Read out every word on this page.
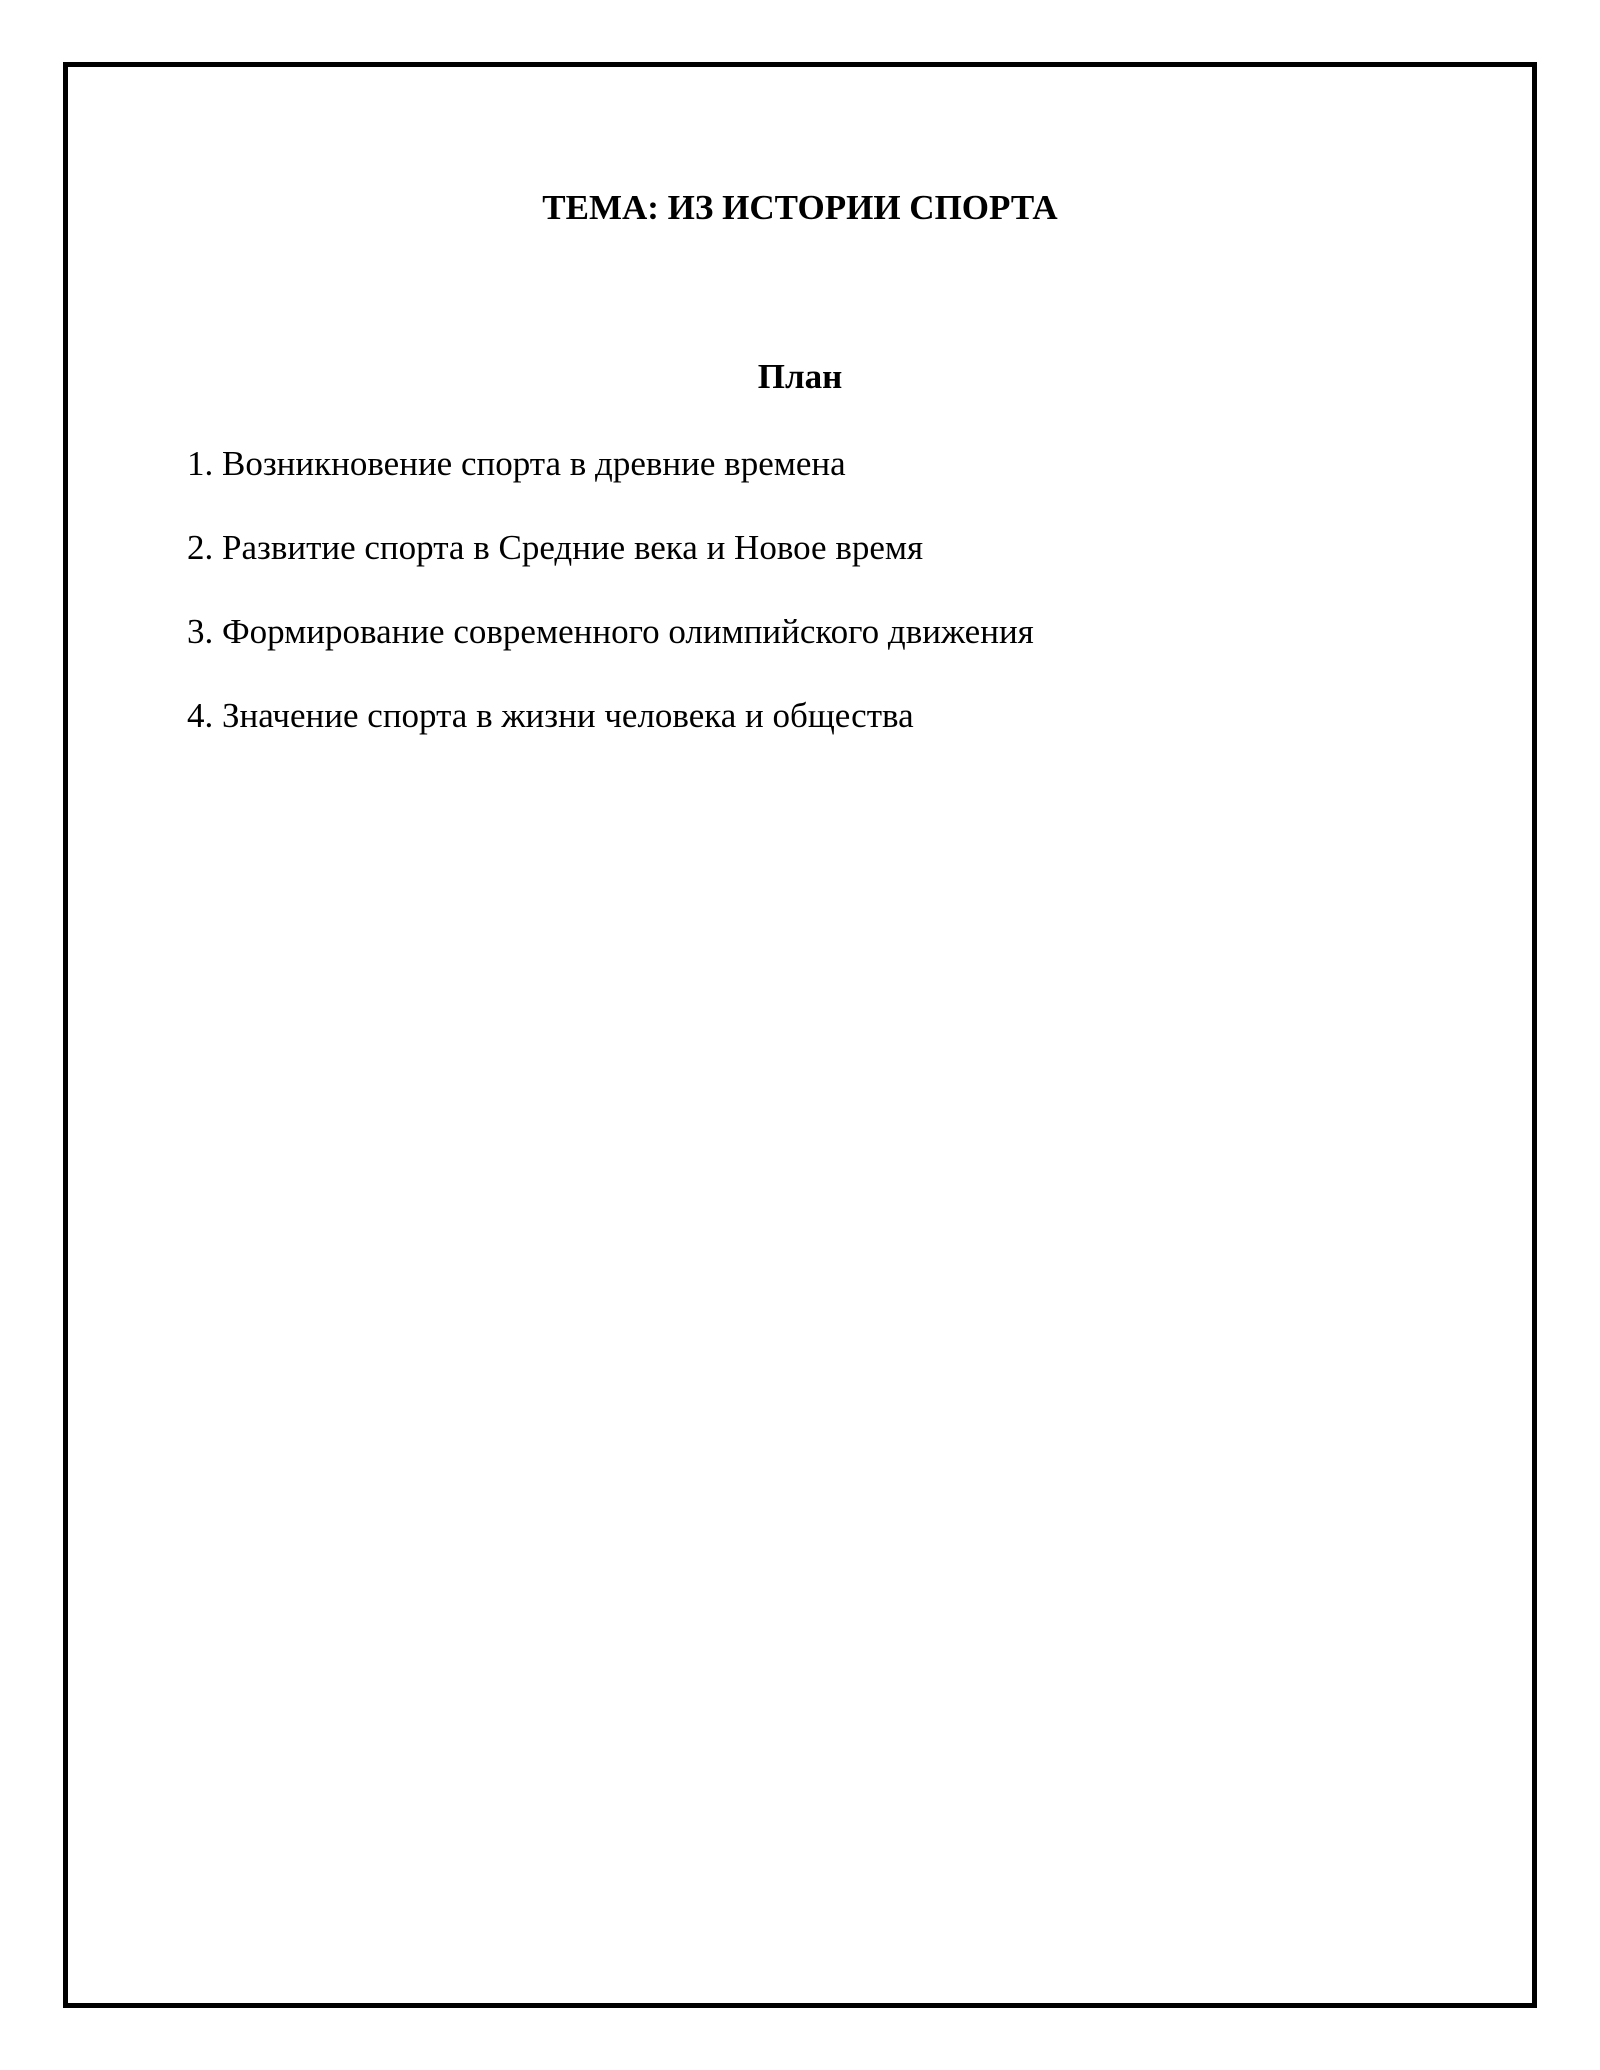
ТЕМА: ИЗ ИСТОРИИ СПОРТА
План
1. Возникновение спорта в древние времена
2. Развитие спорта в Средние века и Новое время
3. Формирование современного олимпийского движения
4. Значение спорта в жизни человека и общества
